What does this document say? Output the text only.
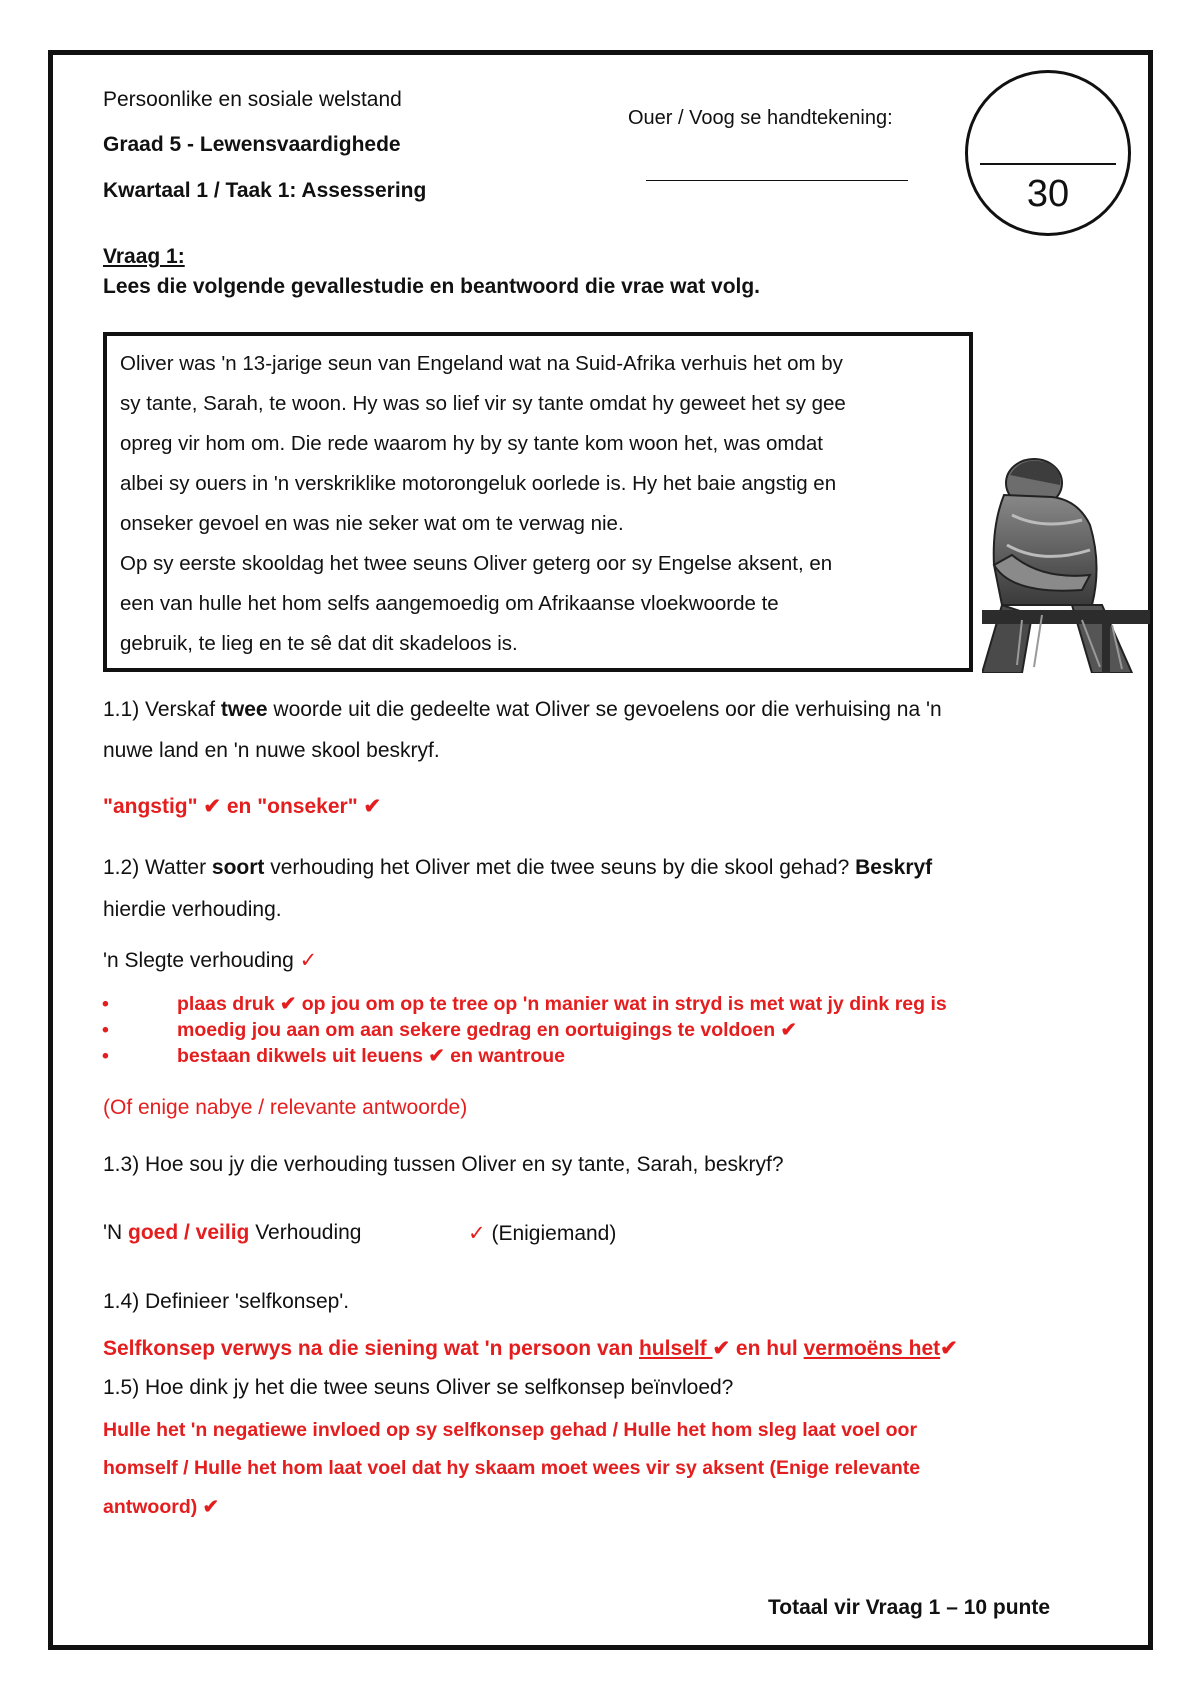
Persoonlike en sosiale welstand
Graad 5 - Lewensvaardighede
Kwartaal 1 / Taak 1: Assessering
Ouer / Voog se handtekening:
30
Vraag 1:
Lees die volgende gevallestudie en beantwoord die vrae wat volg.

Oliver was 'n 13-jarige seun van Engeland wat na Suid-Afrika verhuis het om by

sy tante, Sarah, te woon. Hy was so lief vir sy tante omdat hy geweet het sy gee

opreg vir hom om. Die rede waarom hy by sy tante kom woon het, was omdat

albei sy ouers in 'n verskriklike motorongeluk oorlede is. Hy het baie angstig en

onseker gevoel en was nie seker wat om te verwag nie.

Op sy eerste skooldag het twee seuns Oliver geterg oor sy Engelse aksent, en

een van hulle het hom selfs aangemoedig om Afrikaanse vloekwoorde te

gebruik, te lieg en te sê dat dit skadeloos is.

1.1) Verskaf twee woorde uit die gedeelte wat Oliver se gevoelens oor die verhuising na 'n
nuwe land en 'n nuwe skool beskryf.
"angstig" ✔ en "onseker" ✔
1.2) Watter soort verhouding het Oliver met die twee seuns by die skool gehad? Beskryf
hierdie verhouding.
'n Slegte verhouding ✓
•	plaas druk ✔ op jou om op te tree op 'n manier wat in stryd is met wat jy dink reg is
•	moedig jou aan om aan sekere gedrag en oortuigings te voldoen ✔
•	bestaan dikwels uit leuens ✔ en wantroue
(Of enige nabye / relevante antwoorde)
1.3) Hoe sou jy die verhouding tussen Oliver en sy tante, Sarah, beskryf?
'N goed / veilig Verhouding	✓ (Enigiemand)
1.4) Definieer 'selfkonsep'.
Selfkonsep verwys na die siening wat 'n persoon van hulself ✔ en hul vermoëns het✔
1.5) Hoe dink jy het die twee seuns Oliver se selfkonsep beïnvloed?
Hulle het 'n negatiewe invloed op sy selfkonsep gehad / Hulle het hom sleg laat voel oor
homself / Hulle het hom laat voel dat hy skaam moet wees vir sy aksent (Enige relevante
antwoord) ✔
Totaal vir Vraag 1 – 10 punte
